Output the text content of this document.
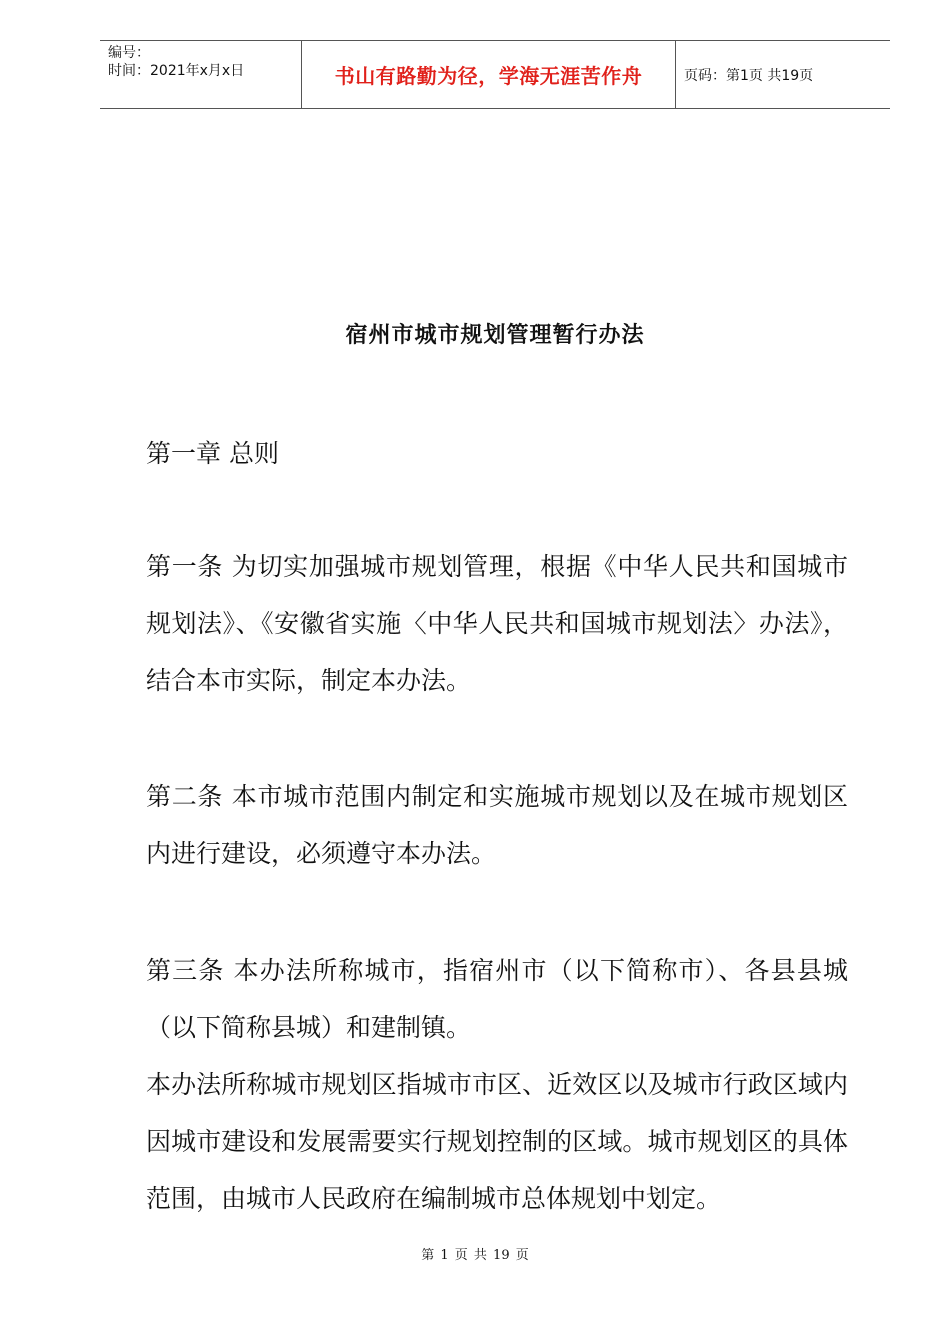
编号：
时间：2021年x月x日	书山有路勤为径，学海无涯苦作舟	页码：第1页 共19页
宿州市城市规划管理暂行办法

第一章 总则

第一条 为切实加强城市规划管理，根据《中华人民共和国城市规划法》、《安徽省实施〈中华人民共和国城市规划法〉办法》，结合本市实际，制定本办法。

第二条 本市城市范围内制定和实施城市规划以及在城市规划区内进行建设，必须遵守本办法。

第三条 本办法所称城市，指宿州市（以下简称市）、各县县城（以下简称县城）和建制镇。

本办法所称城市规划区指城市市区、近效区以及城市行政区域内因城市建设和发展需要实行规划控制的区域。城市规划区的具体范围，由城市人民政府在编制城市总体规划中划定。

第 1 页 共 19 页
